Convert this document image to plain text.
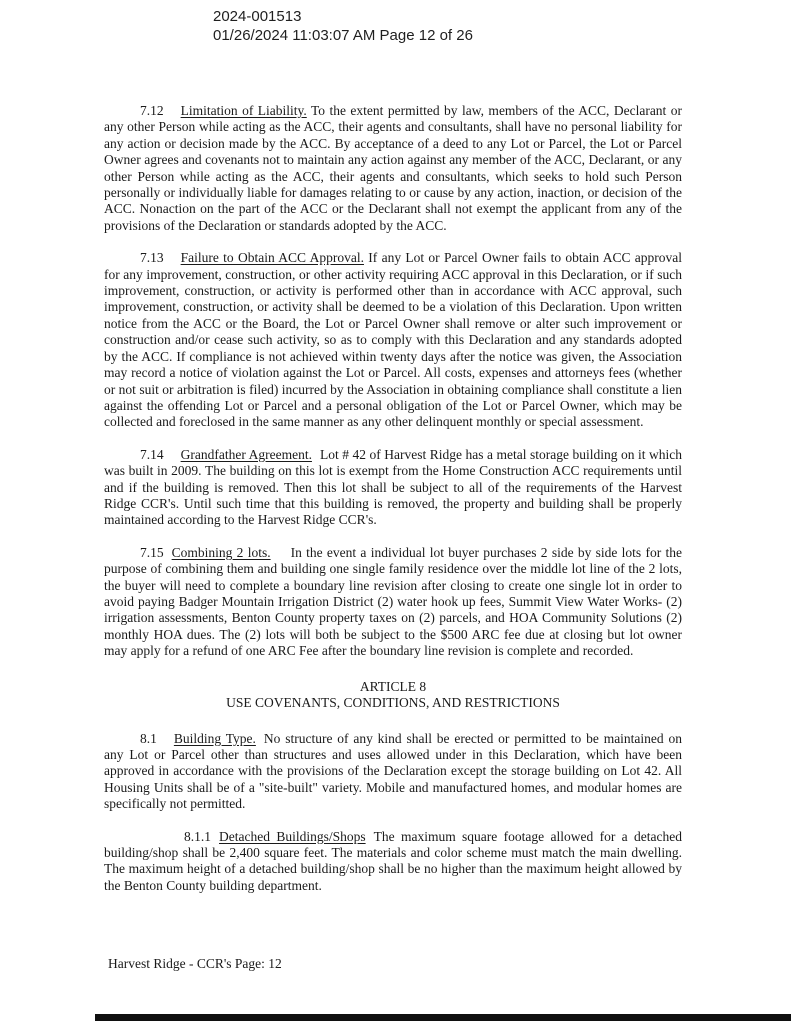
2024-001513
01/26/2024 11:03:07 AM Page 12 of 26

7.12 Limitation of Liability. To the extent permitted by law, members of the ACC, Declarant or any other Person while acting as the ACC, their agents and consultants, shall have no personal liability for any action or decision made by the ACC. By acceptance of a deed to any Lot or Parcel, the Lot or Parcel Owner agrees and covenants not to maintain any action against any member of the ACC, Declarant, or any other Person while acting as the ACC, their agents and consultants, which seeks to hold such Person personally or individually liable for damages relating to or cause by any action, inaction, or decision of the ACC. Nonaction on the part of the ACC or the Declarant shall not exempt the applicant from any of the provisions of the Declaration or standards adopted by the ACC.

7.13 Failure to Obtain ACC Approval. If any Lot or Parcel Owner fails to obtain ACC approval for any improvement, construction, or other activity requiring ACC approval in this Declaration, or if such improvement, construction, or activity is performed other than in accordance with ACC approval, such improvement, construction, or activity shall be deemed to be a violation of this Declaration. Upon written notice from the ACC or the Board, the Lot or Parcel Owner shall remove or alter such improvement or construction and/or cease such activity, so as to comply with this Declaration and any standards adopted by the ACC. If compliance is not achieved within twenty days after the notice was given, the Association may record a notice of violation against the Lot or Parcel. All costs, expenses and attorneys fees (whether or not suit or arbitration is filed) incurred by the Association in obtaining compliance shall constitute a lien against the offending Lot or Parcel and a personal obligation of the Lot or Parcel Owner, which may be collected and foreclosed in the same manner as any other delinquent monthly or special assessment.

7.14 Grandfather Agreement. Lot # 42 of Harvest Ridge has a metal storage building on it which was built in 2009. The building on this lot is exempt from the Home Construction ACC requirements until and if the building is removed. Then this lot shall be subject to all of the requirements of the Harvest Ridge CCR's. Until such time that this building is removed, the property and building shall be properly maintained according to the Harvest Ridge CCR's.

7.15 Combining 2 lots. In the event a individual lot buyer purchases 2 side by side lots for the purpose of combining them and building one single family residence over the middle lot line of the 2 lots, the buyer will need to complete a boundary line revision after closing to create one single lot in order to avoid paying Badger Mountain Irrigation District (2) water hook up fees, Summit View Water Works- (2) irrigation assessments, Benton County property taxes on (2) parcels, and HOA Community Solutions (2) monthly HOA dues. The (2) lots will both be subject to the $500 ARC fee due at closing but lot owner may apply for a refund of one ARC Fee after the boundary line revision is complete and recorded.

ARTICLE 8
USE COVENANTS, CONDITIONS, AND RESTRICTIONS

8.1 Building Type. No structure of any kind shall be erected or permitted to be maintained on any Lot or Parcel other than structures and uses allowed under in this Declaration, which have been approved in accordance with the provisions of the Declaration except the storage building on Lot 42. All Housing Units shall be of a "site-built" variety. Mobile and manufactured homes, and modular homes are specifically not permitted.

8.1.1 Detached Buildings/Shops The maximum square footage allowed for a detached building/shop shall be 2,400 square feet. The materials and color scheme must match the main dwelling. The maximum height of a detached building/shop shall be no higher than the maximum height allowed by the Benton County building department.

Harvest Ridge - CCR's Page: 12
